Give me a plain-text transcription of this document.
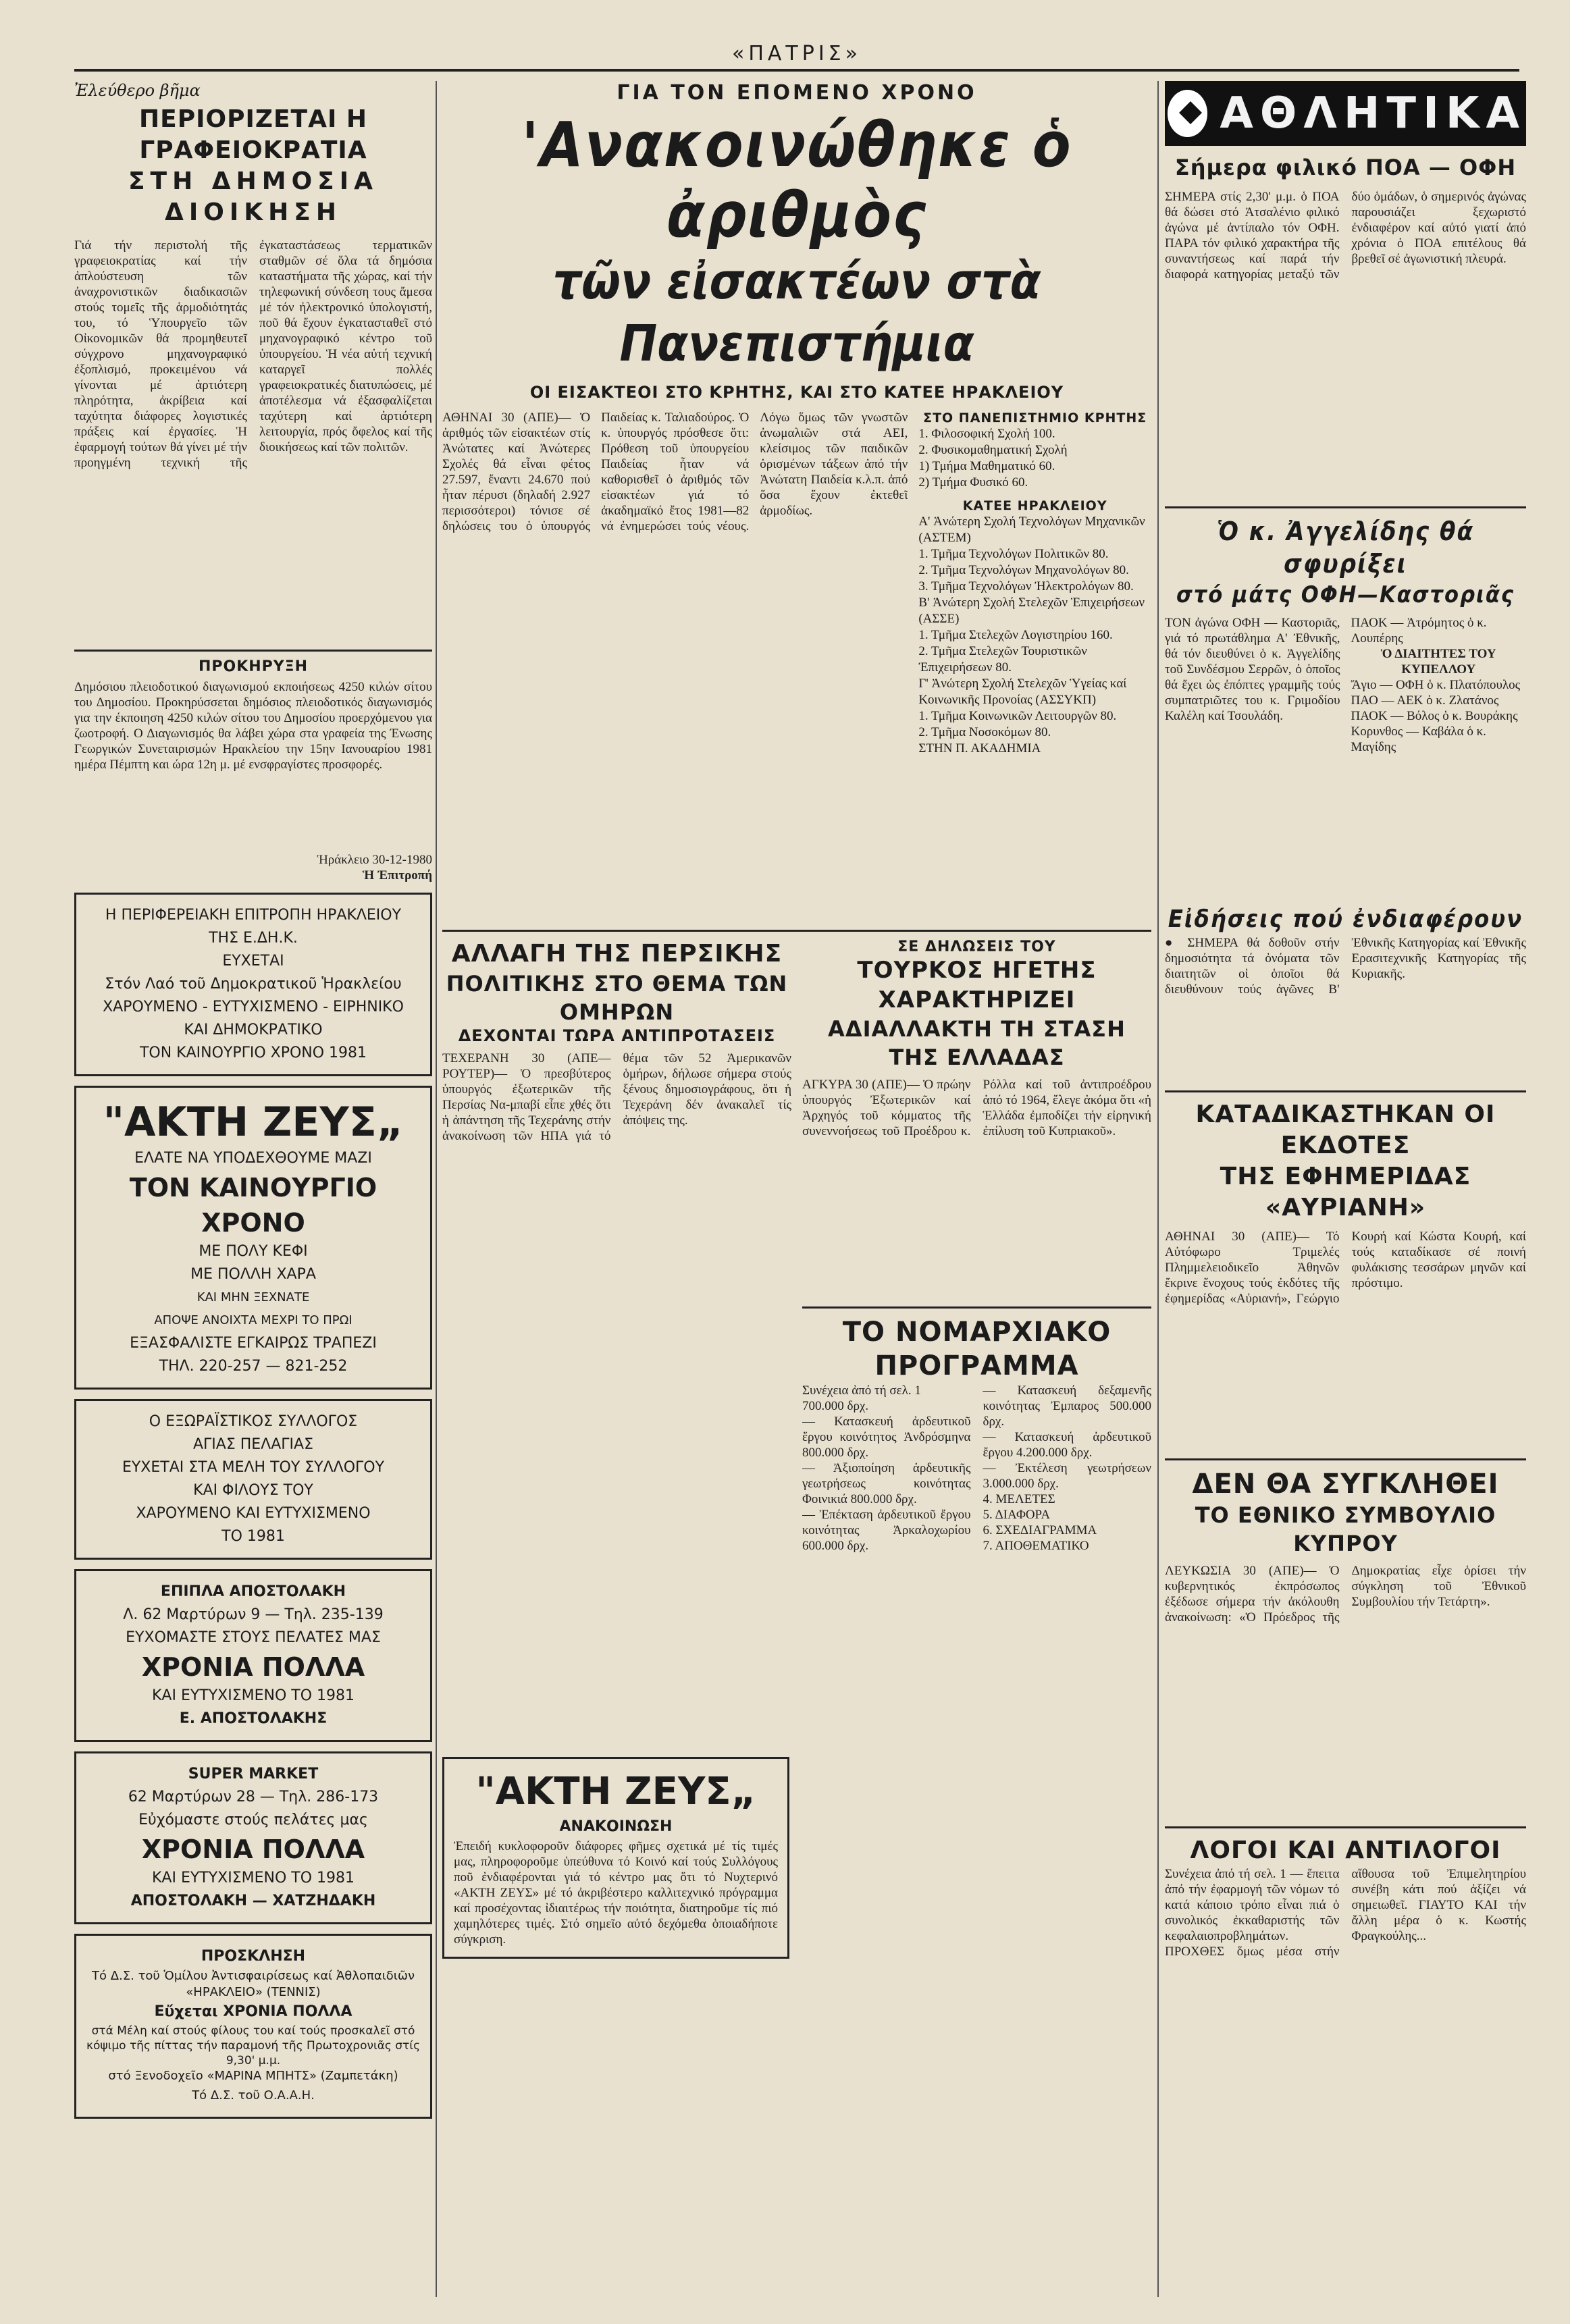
«ΠΑΤΡΙΣ»
Ἐλεύθερο βῆμα
ΠΕΡΙΟΡΙΖΕΤΑΙ Η ΓΡΑΦΕΙΟΚΡΑΤΙΑ
ΣΤΗ ΔΗΜΟΣΙΑ ΔΙΟΙΚΗΣΗ
Γιά τήν περιστολή τῆς γραφειοκρατίας καί τήν ἀπλούστευση τῶν ἀναχρονιστικῶν διαδικασιῶν στούς τομεῖς τῆς ἁρμοδιότητάς του, τό Ὑπουργεῖο τῶν Οἰκονομικῶν θά προμηθευτεῖ σύγχρονο μηχανογραφικό ἐξοπλισμό, προκειμένου νά γίνονται μέ ἀρτιότερη πληρότητα, ἀκρίβεια καί ταχύτητα διάφορες λογιστικές πράξεις καί ἐργασίες. Ἡ ἐφαρμογή τούτων θά γίνει μέ τήν προηγμένη τεχνική τῆς ἐγκαταστάσεως τερματικῶν σταθμῶν σέ ὅλα τά δημόσια καταστήματα τῆς χώρας, καί τήν τηλεφωνική σύνδεση τους ἄμεσα μέ τόν ἠλεκτρονικό ὑπολογιστή, ποῦ θά ἔχουν ἐγκατασταθεῖ στό μηχανογραφικό κέντρο τοῦ ὑπουργείου. Ἡ νέα αὐτή τεχνική καταργεῖ πολλές γραφειοκρατικές διατυπώσεις, μέ ἀποτέλεσμα νά ἐξασφαλίζεται ταχύτερη καί ἀρτιότερη λειτουργία, πρός ὄφελος καί τῆς διοικήσεως καί τῶν πολιτῶν.
ΠΡΟΚΗΡΥΞΗ
Δημόσιου πλειοδοτικού διαγωνισμού εκποιήσεως 4250 κιλών σίτου του Δημοσίου. Προκηρύσσεται δημόσιος πλειοδοτικός διαγωνισμός για την έκποιηση 4250 κιλών σίτου του Δημοσίου προερχόμενου για ζωοτροφή. Ο Διαγωνισμός θα λάβει χώρα στα γραφεία της Ένωσης Γεωργικών Συνεταιρισμών Ηρακλείου την 15ην Ιανουαρίου 1981 ημέρα Πέμπτη και ώρα 12η μ. μέ ενσφραγίστες προσφορές.
Ἡράκλειο 30-12-1980
Ἡ Ἐπιτροπή
Η ΠΕΡΙΦΕΡΕΙΑΚΗ ΕΠΙΤΡΟΠΗ ΗΡΑΚΛΕΙΟΥ
ΤΗΣ Ε.ΔΗ.Κ.
ΕΥΧΕΤΑΙ
Στόν Λαό τοῦ Δημοκρατικοῦ Ἡρακλείου
ΧΑΡΟΥΜΕΝΟ - ΕΥΤΥΧΙΣΜΕΝΟ - ΕΙΡΗΝΙΚΟ
ΚΑΙ ΔΗΜΟΚΡΑΤΙΚΟ
ΤΟΝ ΚΑΙΝΟΥΡΓΙΟ ΧΡΟΝΟ 1981
"ΑΚΤΗ ΖΕΥΣ„
ΕΛΑΤΕ ΝΑ ΥΠΟΔΕΧΘΟΥΜΕ ΜΑΖΙ
ΤΟΝ ΚΑΙΝΟΥΡΓΙΟ ΧΡΟΝΟ
ΜΕ ΠΟΛΥ ΚΕΦΙ
ΜΕ ΠΟΛΛΗ ΧΑΡΑ
ΚΑΙ ΜΗΝ ΞΕΧΝΑΤΕ
ΑΠΟΨΕ ΑΝΟΙΧΤΑ ΜΕΧΡΙ ΤΟ ΠΡΩΙ
ΕΞΑΣΦΑΛΙΣΤΕ ΕΓΚΑΙΡΩΣ ΤΡΑΠΕΖΙ
ΤΗΛ. 220-257 — 821-252
Ο ΕΞΩΡΑΪΣΤΙΚΟΣ ΣΥΛΛΟΓΟΣ
ΑΓΙΑΣ ΠΕΛΑΓΙΑΣ
ΕΥΧΕΤΑΙ ΣΤΑ ΜΕΛΗ ΤΟΥ ΣΥΛΛΟΓΟΥ
ΚΑΙ ΦΙΛΟΥΣ ΤΟΥ
ΧΑΡΟΥΜΕΝΟ ΚΑΙ ΕΥΤΥΧΙΣΜΕΝΟ
ΤΟ 1981
ΕΠΙΠΛΑ ΑΠΟΣΤΟΛΑΚΗ
Λ. 62 Μαρτύρων 9 — Τηλ. 235-139
ΕΥΧΟΜΑΣΤΕ ΣΤΟΥΣ ΠΕΛΑΤΕΣ ΜΑΣ
ΧΡΟΝΙΑ ΠΟΛΛΑ
ΚΑΙ ΕΥΤΥΧΙΣΜΕΝΟ ΤΟ 1981
Ε. ΑΠΟΣΤΟΛΑΚΗΣ
SUPER MARKET
62 Μαρτύρων 28 — Τηλ. 286-173
Εὐχόμαστε στούς πελάτες μας
ΧΡΟΝΙΑ ΠΟΛΛΑ
ΚΑΙ ΕΥΤΥΧΙΣΜΕΝΟ ΤΟ 1981
ΑΠΟΣΤΟΛΑΚΗ — ΧΑΤΖΗΔΑΚΗ
ΠΡΟΣΚΛΗΣΗ
Τό Δ.Σ. τοῦ Ὁμίλου Ἀντισφαιρίσεως καί Ἀθλοπαιδιῶν «ΗΡΑΚΛΕΙΟ» (ΤΕΝΝΙΣ)
Εὔχεται ΧΡΟΝΙΑ ΠΟΛΛΑ
στά Μέλη καί στούς φίλους του καί τούς προσκαλεῖ στό κόψιμο τῆς πίττας τήν παραμονή τῆς Πρωτοχρονιᾶς στίς 9,30' μ.μ.
στό Ξενοδοχεῖο «ΜΑΡΙΝΑ ΜΠΗΤΣ» (Ζαμπετάκη)
Τό Δ.Σ. τοῦ Ο.Α.Α.Η.
ΓΙΑ ΤΟΝ ΕΠΟΜΕΝΟ ΧΡΟΝΟ
'Ανακοινώθηκε ὁ ἀριθμὸς
τῶν εἰσακτέων στὰ Πανεπιστήμια
ΟΙ ΕΙΣΑΚΤΕΟΙ ΣΤΟ ΚΡΗΤΗΣ, ΚΑΙ ΣΤΟ ΚΑΤΕΕ ΗΡΑΚΛΕΙΟΥ
ΑΘΗΝΑΙ 30 (ΑΠΕ)— Ὁ ἀριθμός τῶν εἰσακτέων στίς Ἀνώτατες καί Ἀνώτερες Σχολές θά εἶναι φέτος 27.597, ἔναντι 24.670 πού ἦταν πέρυσι (δηλαδή 2.927 περισσότεροι) τόνισε σέ δηλώσεις του ὁ ὑπουργός Παιδείας κ. Ταλιαδούρος. Ὁ κ. ὑπουργός πρόσθεσε ὅτι: Πρόθεση τοῦ ὑπουργείου Παιδείας ἦταν νά καθορισθεῖ ὁ ἀριθμός τῶν εἰσακτέων γιά τό ἀκαδημαϊκό ἔτος 1981—82 νά ἐνημερώσει τούς νέους. Λόγω ὅμως τῶν γνωστῶν ἀνωμαλιῶν στά ΑΕΙ, κλείσιμος τῶν παιδικῶν ὁρισμένων τάξεων ἀπό τήν Ἀνώτατη Παιδεία κ.λ.π. ἀπό ὅσα ἔχουν ἐκτεθεῖ ἀρμοδίως.
ΣΤΟ ΠΑΝΕΠΙΣΤΗΜΙΟ ΚΡΗΤΗΣ
1. Φιλοσοφική Σχολή 100.
2. Φυσικομαθηματική Σχολή
1) Τμήμα Μαθηματικό 60.
2) Τμήμα Φυσικό 60.
ΚΑΤΕΕ ΗΡΑΚΛΕΙΟΥ
Α' Ἀνώτερη Σχολή Τεχνολόγων Μηχανικῶν (ΑΣΤΕΜ)
1. Τμῆμα Τεχνολόγων Πολιτικῶν 80.
2. Τμῆμα Τεχνολόγων Μηχανολόγων 80.
3. Τμῆμα Τεχνολόγων Ἠλεκτρολόγων 80.
Β' Ἀνώτερη Σχολή Στελεχῶν Ἐπιχειρήσεων (ΑΣΣΕ)
1. Τμῆμα Στελεχῶν Λογιστηρίου 160.
2. Τμῆμα Στελεχῶν Τουριστικῶν Ἐπιχειρήσεων 80.
Γ' Ἀνώτερη Σχολή Στελεχῶν Ὑγείας καί Κοινωνικῆς Προνοίας (ΑΣΣΥΚΠ)
1. Τμῆμα Κοινωνικῶν Λειτουργῶν 80.
2. Τμῆμα Νοσοκόμων 80.
ΣΤΗΝ Π. ΑΚΑΔΗΜΙΑ
ΑΛΛΑΓΗ ΤΗΣ ΠΕΡΣΙΚΗΣ
ΠΟΛΙΤΙΚΗΣ ΣΤΟ ΘΕΜΑ ΤΩΝ ΟΜΗΡΩΝ
ΔΕΧΟΝΤΑΙ ΤΩΡΑ ΑΝΤΙΠΡΟΤΑΣΕΙΣ
ΤΕΧΕΡΑΝΗ 30 (ΑΠΕ—ΡΟΥΤΕΡ)— Ὁ πρεσβύτερος ὑπουργός ἐξωτερικῶν τῆς Περσίας Να-μπαβί εἶπε χθές ὅτι ἡ ἀπάντηση τῆς Τεχεράνης στήν ἀνακοίνωση τῶν ΗΠΑ γιά τό θέμα τῶν 52 Ἀμερικανῶν ὁμήρων, δήλωσε σήμερα στούς ξένους δημοσιογράφους, ὅτι ἡ Τεχεράνη δέν ἀνακαλεῖ τίς ἀπόψεις της.
ΣΕ ΔΗΛΩΣΕΙΣ ΤΟΥ
ΤΟΥΡΚΟΣ ΗΓΕΤΗΣ ΧΑΡΑΚΤΗΡΙΖΕΙ
ΑΔΙΑΛΛΑΚΤΗ ΤΗ ΣΤΑΣΗ ΤΗΣ ΕΛΛΑΔΑΣ
ΑΓΚΥΡΑ 30 (ΑΠΕ)— Ὁ πρώην ὑπουργός Ἐξωτερικῶν καί Ἀρχηγός τοῦ κόμματος τῆς συνεννοήσεως τοῦ Προέδρου κ. Ρόλλα καί τοῦ ἀντιπροέδρου ἀπό τό 1964, ἔλεγε ἀκόμα ὅτι «ἡ Ἑλλάδα ἐμποδίζει τήν εἰρηνική ἐπίλυση τοῦ Κυπριακοῦ».
ΤΟ ΝΟΜΑΡΧΙΑΚΟ ΠΡΟΓΡΑΜΜΑ
Συνέχεια ἀπό τή σελ. 1
700.000 δρχ.
— Κατασκευή ἀρδευτικοῦ ἔργου κοινότητος Ἀνδρόσμηνα 800.000 δρχ.
— Ἀξιοποίηση ἀρδευτικῆς γεωτρήσεως κοινότητας Φοινικιά 800.000 δρχ.
— Ἐπέκταση ἀρδευτικοῦ ἔργου κοινότητας Ἀρκαλοχωρίου 600.000 δρχ.
— Κατασκευή δεξαμενῆς κοινότητας Ἐμπαρος 500.000 δρχ.
— Κατασκευή ἀρδευτικοῦ ἔργου 4.200.000 δρχ.
— Ἐκτέλεση γεωτρήσεων 3.000.000 δρχ.
4. ΜΕΛΕΤΕΣ
5. ΔΙΑΦΟΡΑ
6. ΣΧΕΔΙΑΓΡΑΜΜΑ
7. ΑΠΟΘΕΜΑΤΙΚΟ
"ΑΚΤΗ ΖΕΥΣ„
ΑΝΑΚΟΙΝΩΣΗ
Ἐπειδή κυκλοφοροῦν διάφορες φῆμες σχετικά μέ τίς τιμές μας, πληροφοροῦμε ὑπεύθυνα τό Κοινό καί τούς Συλλόγους ποῦ ἐνδιαφέρονται γιά τό κέντρο μας ὅτι τό Νυχτερινό «ΑΚΤΗ ΖΕΥΣ» μέ τό ἀκριβέστερο καλλιτεχνικό πρόγραμμα καί προσέχοντας ἰδιαιτέρως τήν ποιότητα, διατηροῦμε τίς πιό χαμηλότερες τιμές. Στό σημεῖο αὐτό δεχόμεθα ὁποιαδήποτε σύγκριση.
ΑΘΛΗΤΙΚΑ
Σήμερα φιλικό ΠΟΑ — ΟΦΗ
ΣΗΜΕΡΑ στίς 2,30' μ.μ. ὁ ΠΟΑ θά δώσει στό Ἀτσαλένιο φιλικό ἀγώνα μέ ἀντίπαλο τόν ΟΦΗ. ΠΑΡΑ τόν φιλικό χαρακτήρα τῆς συναντήσεως καί παρά τήν διαφορά κατηγορίας μεταξύ τῶν δύο ὁμάδων, ὁ σημερινός ἀγώνας παρουσιάζει ξεχωριστό ἐνδιαφέρον καί αὐτό γιατί ἀπό χρόνια ὁ ΠΟΑ επιτέλους θά βρεθεῖ σέ ἀγωνιστική πλευρά.
Ὁ κ. Ἀγγελίδης θά σφυρίξει
στό μάτς ΟΦΗ—Καστοριᾶς
ΤΟΝ ἀγώνα ΟΦΗ — Καστοριᾶς, γιά τό πρωτάθλημα Α' Ἐθνικῆς, θά τόν διευθύνει ὁ κ. Ἀγγελίδης τοῦ Συνδέσμου Σερρῶν, ὁ ὁποῖος θά ἔχει ὡς ἐπόπτες γραμμῆς τούς συμπατριῶτες του κ. Γριμοδίου Καλέλη καί Τσουλάδη.
ΠΑΟΚ — Ἀτρόμητος ὁ κ. Λουπέρης
Ὁ ΔΙΑΙΤΗΤΕΣ ΤΟΥ ΚΥΠΕΛΛΟΥ
Ἄγιο — ΟΦΗ ὁ κ. Πλατόπουλος
ΠΑΟ — ΑΕΚ ὁ κ. Ζλατάνος
ΠΑΟΚ — Βόλος ὁ κ. Βουράκης
Κορυνθος — Καβάλα ὁ κ. Μαγίδης
Εἰδήσεις πού ἐνδιαφέρουν
● ΣΗΜΕΡΑ θά δοθοῦν στήν δημοσιότητα τά ὀνόματα τῶν διαιτητῶν οἱ ὁποῖοι θά διευθύνουν τούς ἀγῶνες Β' Ἐθνικῆς Κατηγορίας καί Ἐθνικῆς Ερασιτεχνικῆς Κατηγορίας τῆς Κυριακῆς.
ΚΑΤΑΔΙΚΑΣΤΗΚΑΝ ΟΙ ΕΚΔΟΤΕΣ
ΤΗΣ ΕΦΗΜΕΡΙΔΑΣ «ΑΥΡΙΑΝΗ»
ΑΘΗΝΑΙ 30 (ΑΠΕ)— Τό Αὐτόφωρο Τριμελές Πλημμελειοδικεῖο Ἀθηνῶν ἔκρινε ἔνοχους τούς ἐκδότες τῆς ἐφημερίδας «Αὐριανή», Γεώργιο Κουρή καί Κώστα Κουρή, καί τούς καταδίκασε σέ ποινή φυλάκισης τεσσάρων μηνῶν καί πρόστιμο.
ΔΕΝ ΘΑ ΣΥΓΚΛΗΘΕΙ
ΤΟ ΕΘΝΙΚΟ ΣΥΜΒΟΥΛΙΟ ΚΥΠΡΟΥ
ΛΕΥΚΩΣΙΑ 30 (ΑΠΕ)— Ὁ κυβερνητικός ἐκπρόσωπος ἐξέδωσε σήμερα τήν ἀκόλουθη ἀνακοίνωση: «Ὁ Πρόεδρος τῆς Δημοκρατίας εἶχε ὁρίσει τήν σύγκληση τοῦ Ἐθνικοῦ Συμβουλίου τήν Τετάρτη».
ΛΟΓΟΙ ΚΑΙ ΑΝΤΙΛΟΓΟΙ
Συνέχεια ἀπό τή σελ. 1 — ἔπειτα ἀπό τήν ἐφαρμογή τῶν νόμων τό κατά κάποιο τρόπο εἶναι πιά ὁ συνολικός ἐκκαθαριστής τῶν κεφαλαιοπροβλημάτων. ΠΡΟΧΘΕΣ ὅμως μέσα στήν αἴθουσα τοῦ Ἐπιμελητηρίου συνέβη κάτι πού ἀξίζει νά σημειωθεῖ. ΓΙΑΥΤΟ ΚΑΙ τήν ἄλλη μέρα ὁ κ. Κωστής Φραγκούλης...
